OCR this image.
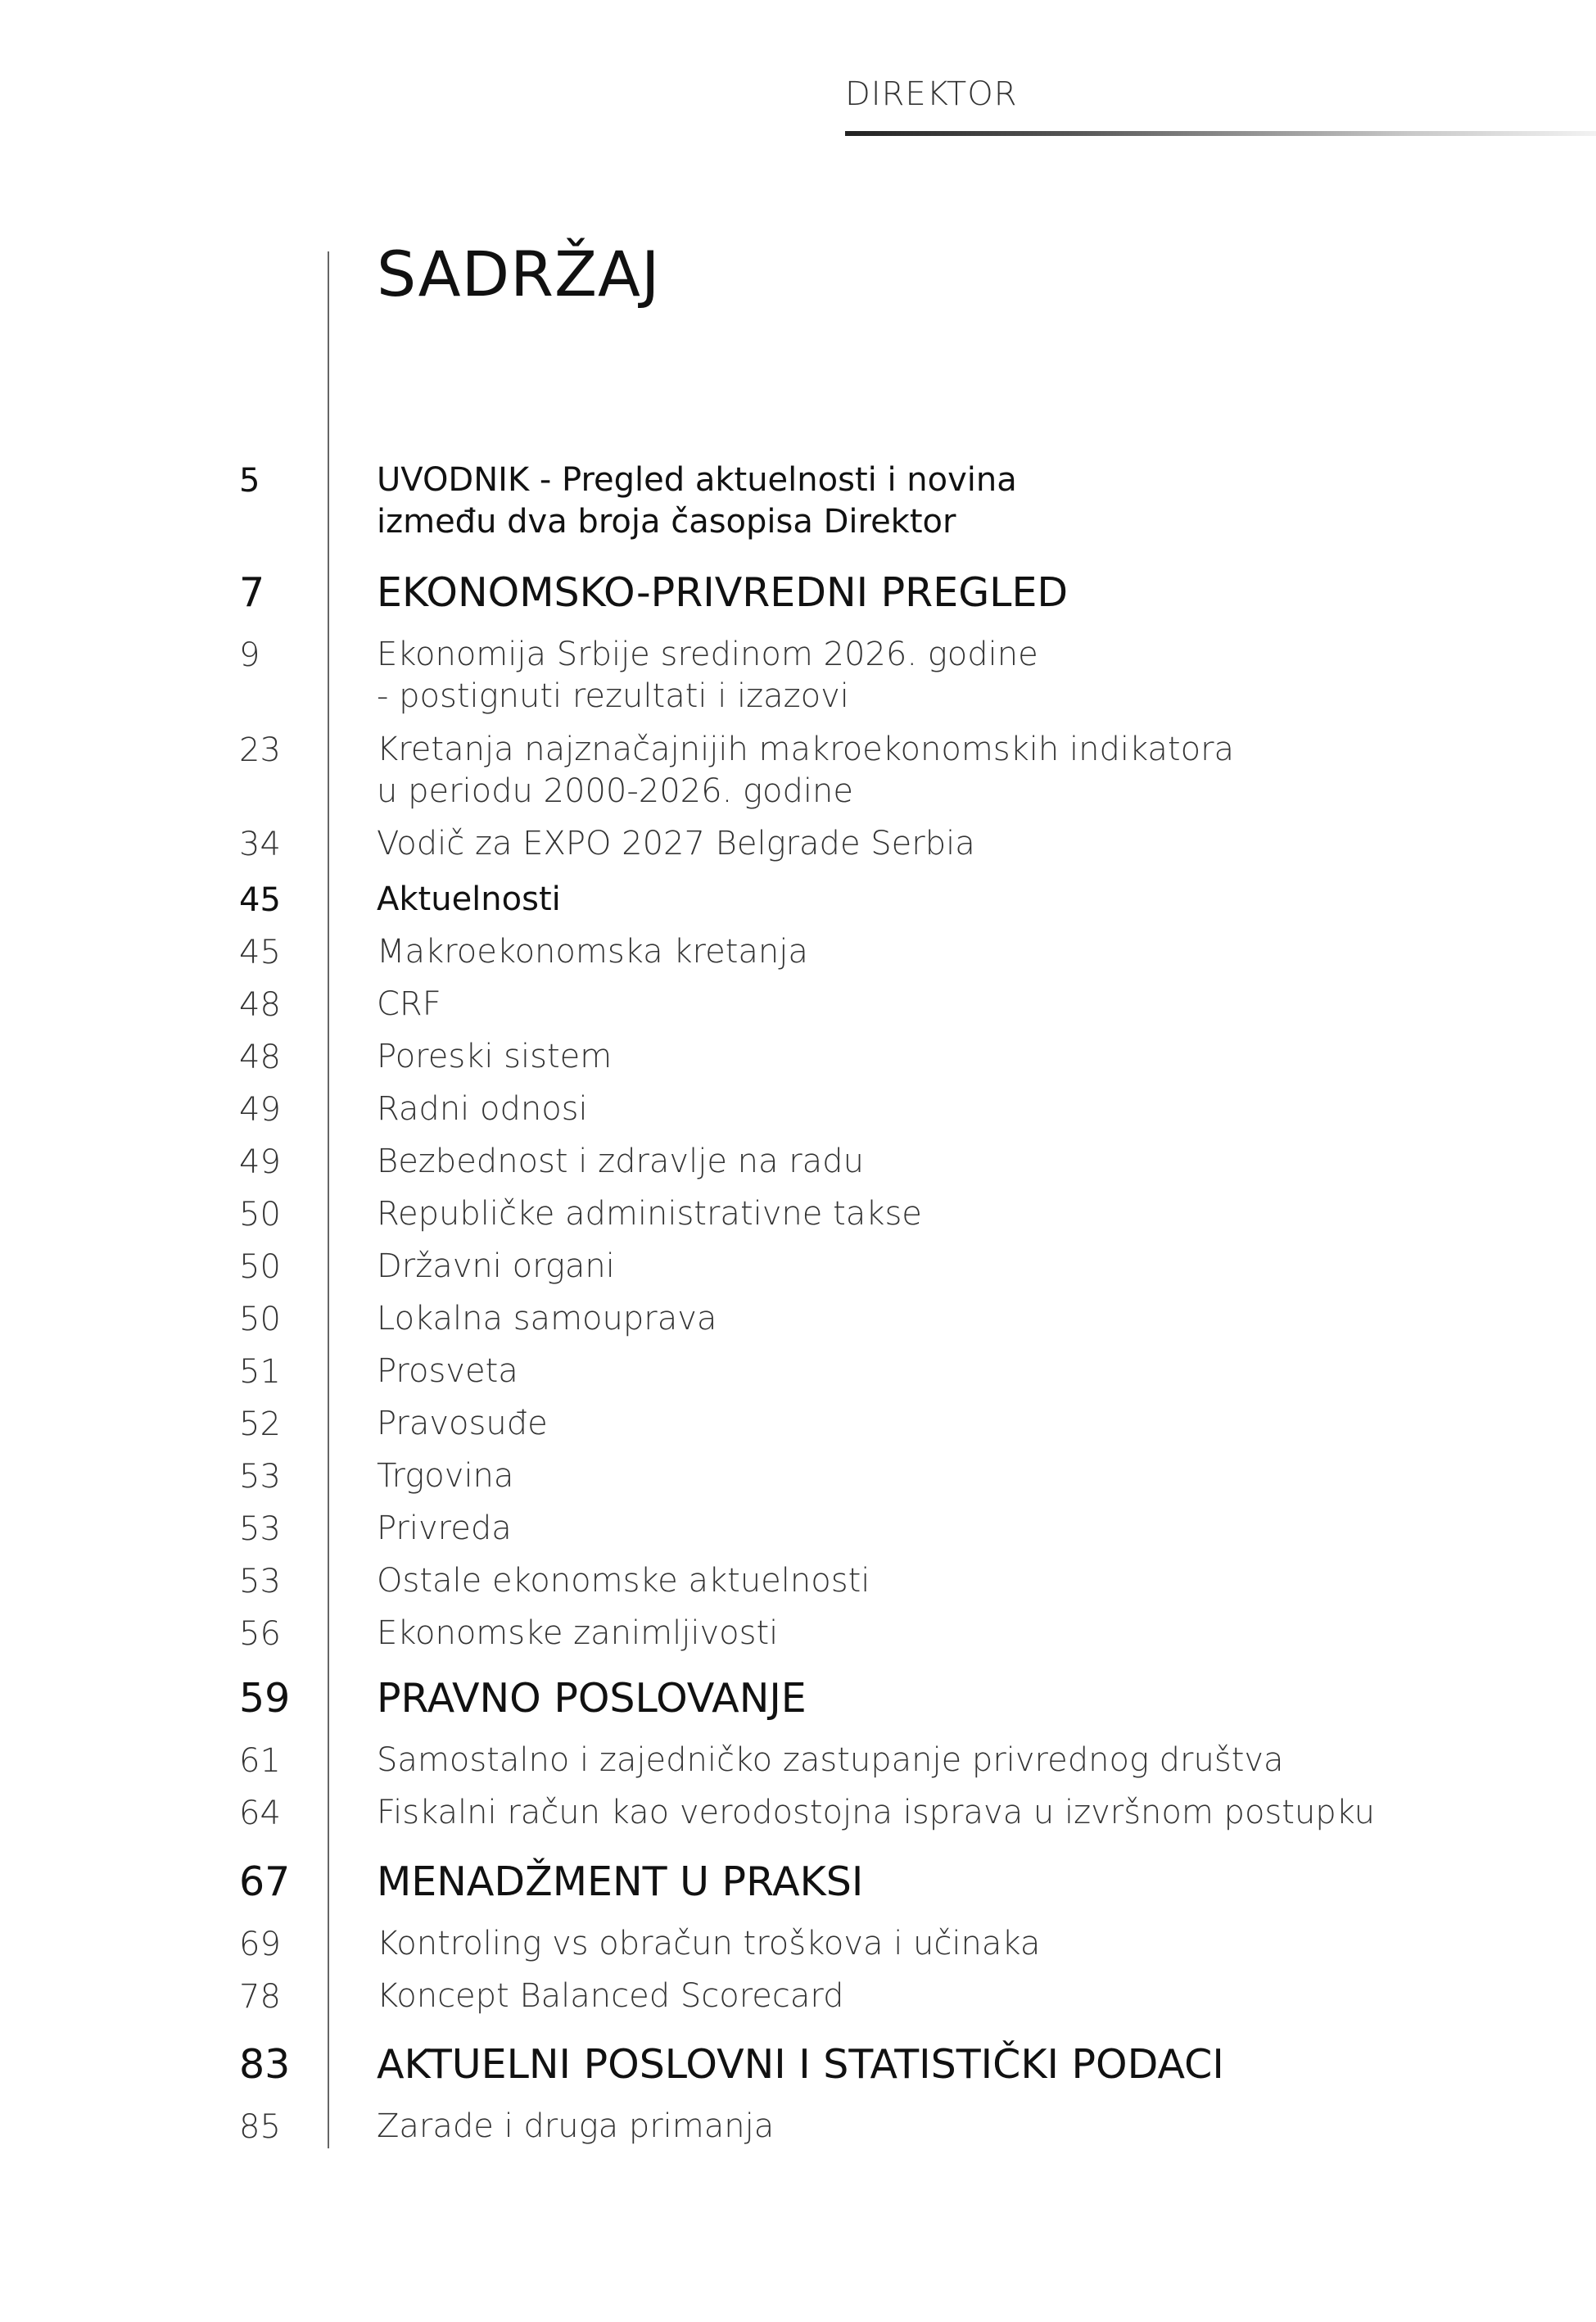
DIREKTOR
SADRŽAJ
5	UVODNIK - Pregled aktuelnosti i novina
između dva broja časopisa Direktor
7	EKONOMSKO-PRIVREDNI PREGLED
9	Ekonomija Srbije sredinom 2026. godine
- postignuti rezultati i izazovi
23	Kretanja najznačajnijih makroekonomskih indikatora
u periodu 2000-2026. godine
34	Vodič za EXPO 2027 Belgrade Serbia
45	Aktuelnosti
45	Makroekonomska kretanja
48	CRF
48	Poreski sistem
49	Radni odnosi
49	Bezbednost i zdravlje na radu
50	Republičke administrativne takse
50	Državni organi
50	Lokalna samouprava
51	Prosveta
52	Pravosuđe
53	Trgovina
53	Privreda
53	Ostale ekonomske aktuelnosti
56	Ekonomske zanimljivosti
59	PRAVNO POSLOVANJE
61	Samostalno i zajedničko zastupanje privrednog društva
64	Fiskalni račun kao verodostojna isprava u izvršnom postupku
67	MENADŽMENT U PRAKSI
69	Kontroling vs obračun troškova i učinaka
78	Koncept Balanced Scorecard
83	AKTUELNI POSLOVNI I STATISTIČKI PODACI
85	Zarade i druga primanja
